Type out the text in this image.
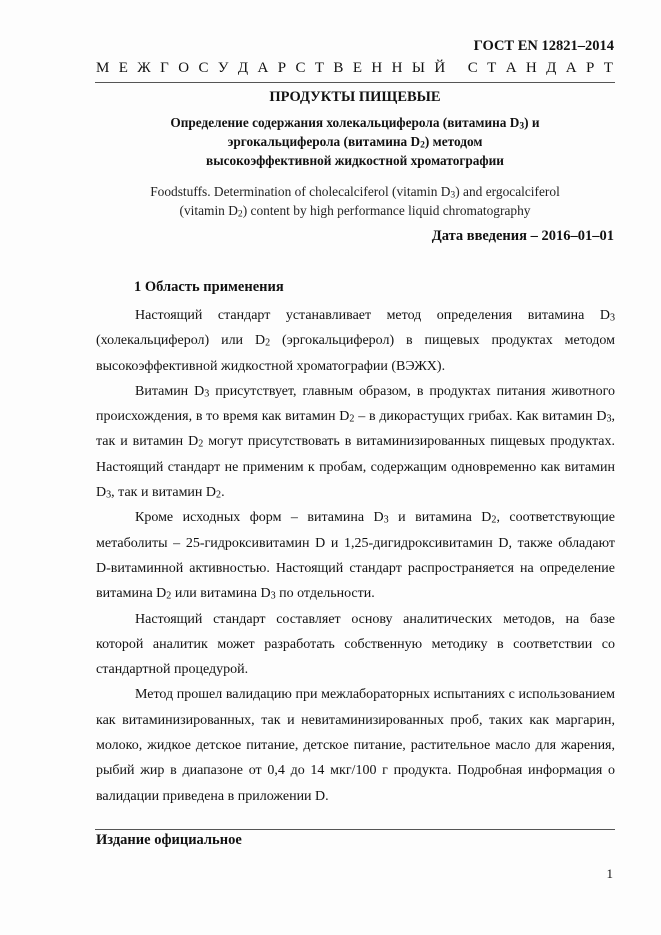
ГОСТ EN 12821–2014
М Е Ж Г О С У Д А Р С Т В Е Н Н Ы Й
С Т А Н Д А Р Т
ПРОДУКТЫ ПИЩЕВЫЕ
Определение содержания холекальциферола (витамина $D_3$) и
эргокальциферола (витамина $D_2$) методом
высокоэффективной жидкостной хроматографии
Foodstuffs. Determination of cholecalciferol (vitamin $D_3$) and ergocalciferol
(vitamin $D_2$) content by high performance liquid chromatography
Дата введения – 2016–01–01
1 Область применения

Настоящий стандарт устанавливает метод определения витамина $D_3$ (холекальциферол) или $D_2$ (эргокальциферол) в пищевых продуктах методом высокоэффективной жидкостной хроматографии (ВЭЖХ).

Витамин $D_3$ присутствует, главным образом, в продуктах питания животного происхождения, в то время как витамин $D_2$ – в дикорастущих грибах. Как витамин $D_3$, так и витамин $D_2$ могут присутствовать в витаминизированных пищевых продуктах. Настоящий стандарт не применим к пробам, содержащим одновременно как витамин $D_3$, так и витамин $D_2$.

Кроме исходных форм – витамина $D_3$ и витамина $D_2$, соответствующие метаболиты – 25-гидроксивитамин D и 1,25-дигидроксивитамин D, также обладают D-витаминной активностью. Настоящий стандарт распространяется на определение витамина $D_2$ или витамина $D_3$ по отдельности.

Настоящий стандарт составляет основу аналитических методов, на базе которой аналитик может разработать собственную методику в соответствии со стандартной процедурой.

Метод прошел валидацию при межлабораторных испытаниях с использованием как витаминизированных, так и невитаминизированных проб, таких как маргарин, молоко, жидкое детское питание, детское питание, растительное масло для жарения, рыбий жир в диапазоне от 0,4 до 14 мкг/100 г продукта. Подробная информация о валидации приведена в приложении D.

Издание официальное
1
